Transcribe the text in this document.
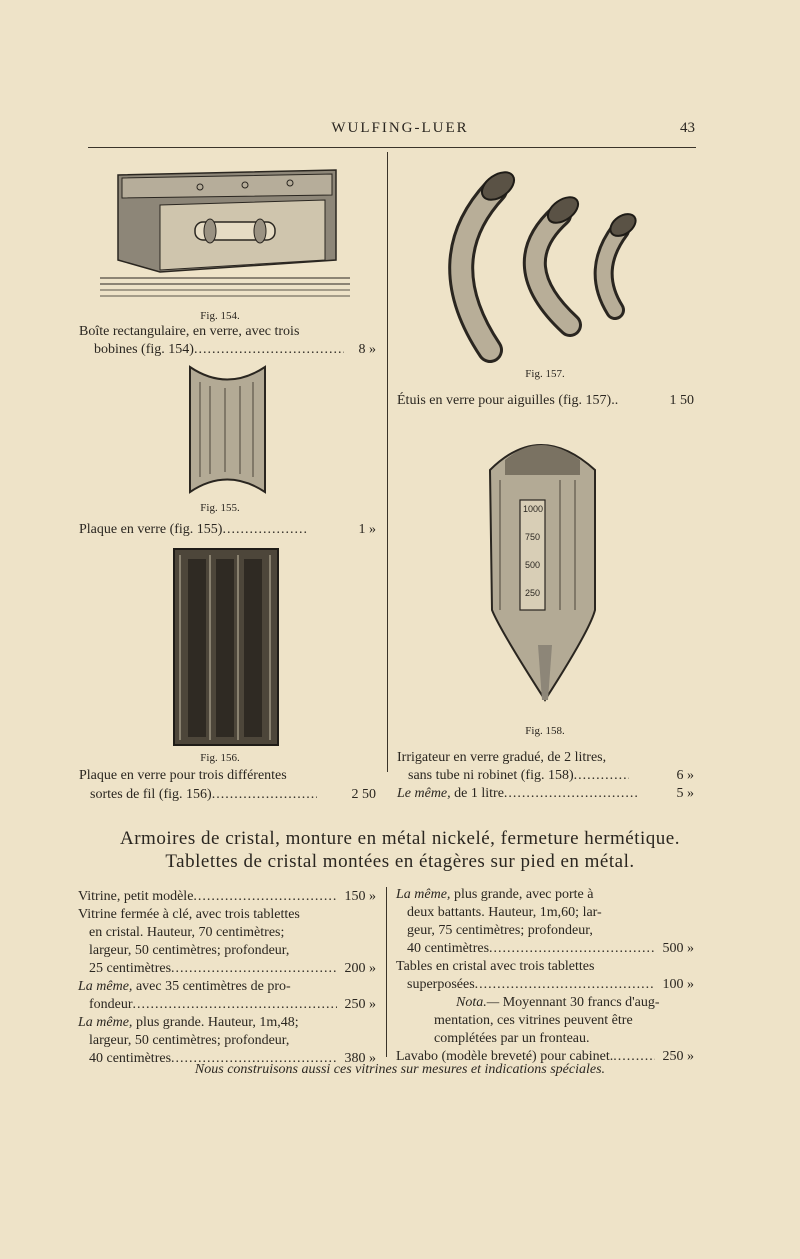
WULFING-LUER	43
Fig. 154.
Boîte rectangulaire, en verre, avec trois
bobines (fig. 154) .....	8 »
Fig. 155.
Plaque en verre (fig. 155) .....	1 »
Fig. 156.
Plaque en verre pour trois différentes
sortes de fil (fig. 156) .....	2 50
Fig. 157.
Étuis en verre pour aiguilles (fig. 157)..	1 50
1000
750
500
250
Fig. 158.
Irrigateur en verre gradué, de 2 litres,
sans tube ni robinet (fig. 158) .....	6 »
Le même, de 1 litre .....	5 »
Armoires de cristal, monture en métal nickelé, fermeture hermétique.
Tablettes de cristal montées en étagères sur pied en métal.
Vitrine, petit modèle .....	150 »
Vitrine fermée à clé, avec trois tablettes
en cristal. Hauteur, 70 centimètres;
largeur, 50 centimètres; profondeur,
25 centimètres .....	200 »
La même, avec 35 centimètres de pro-
fondeur .....	250 »
La même, plus grande. Hauteur, 1m,48;
largeur, 50 centimètres; profondeur,
40 centimètres .....	380 »
La même, plus grande, avec porte à
deux battants. Hauteur, 1m,60; lar-
geur, 75 centimètres; profondeur,
40 centimètres .....	500 »
Tables en cristal avec trois tablettes
superposées .....	100 »
Nota.— Moyennant 30 francs d'aug-
mentation, ces vitrines peuvent être
complétées par un fronteau.
Lavabo (modèle breveté) pour cabinet. .....	250 »
Nous construisons aussi ces vitrines sur mesures et indications spéciales.
